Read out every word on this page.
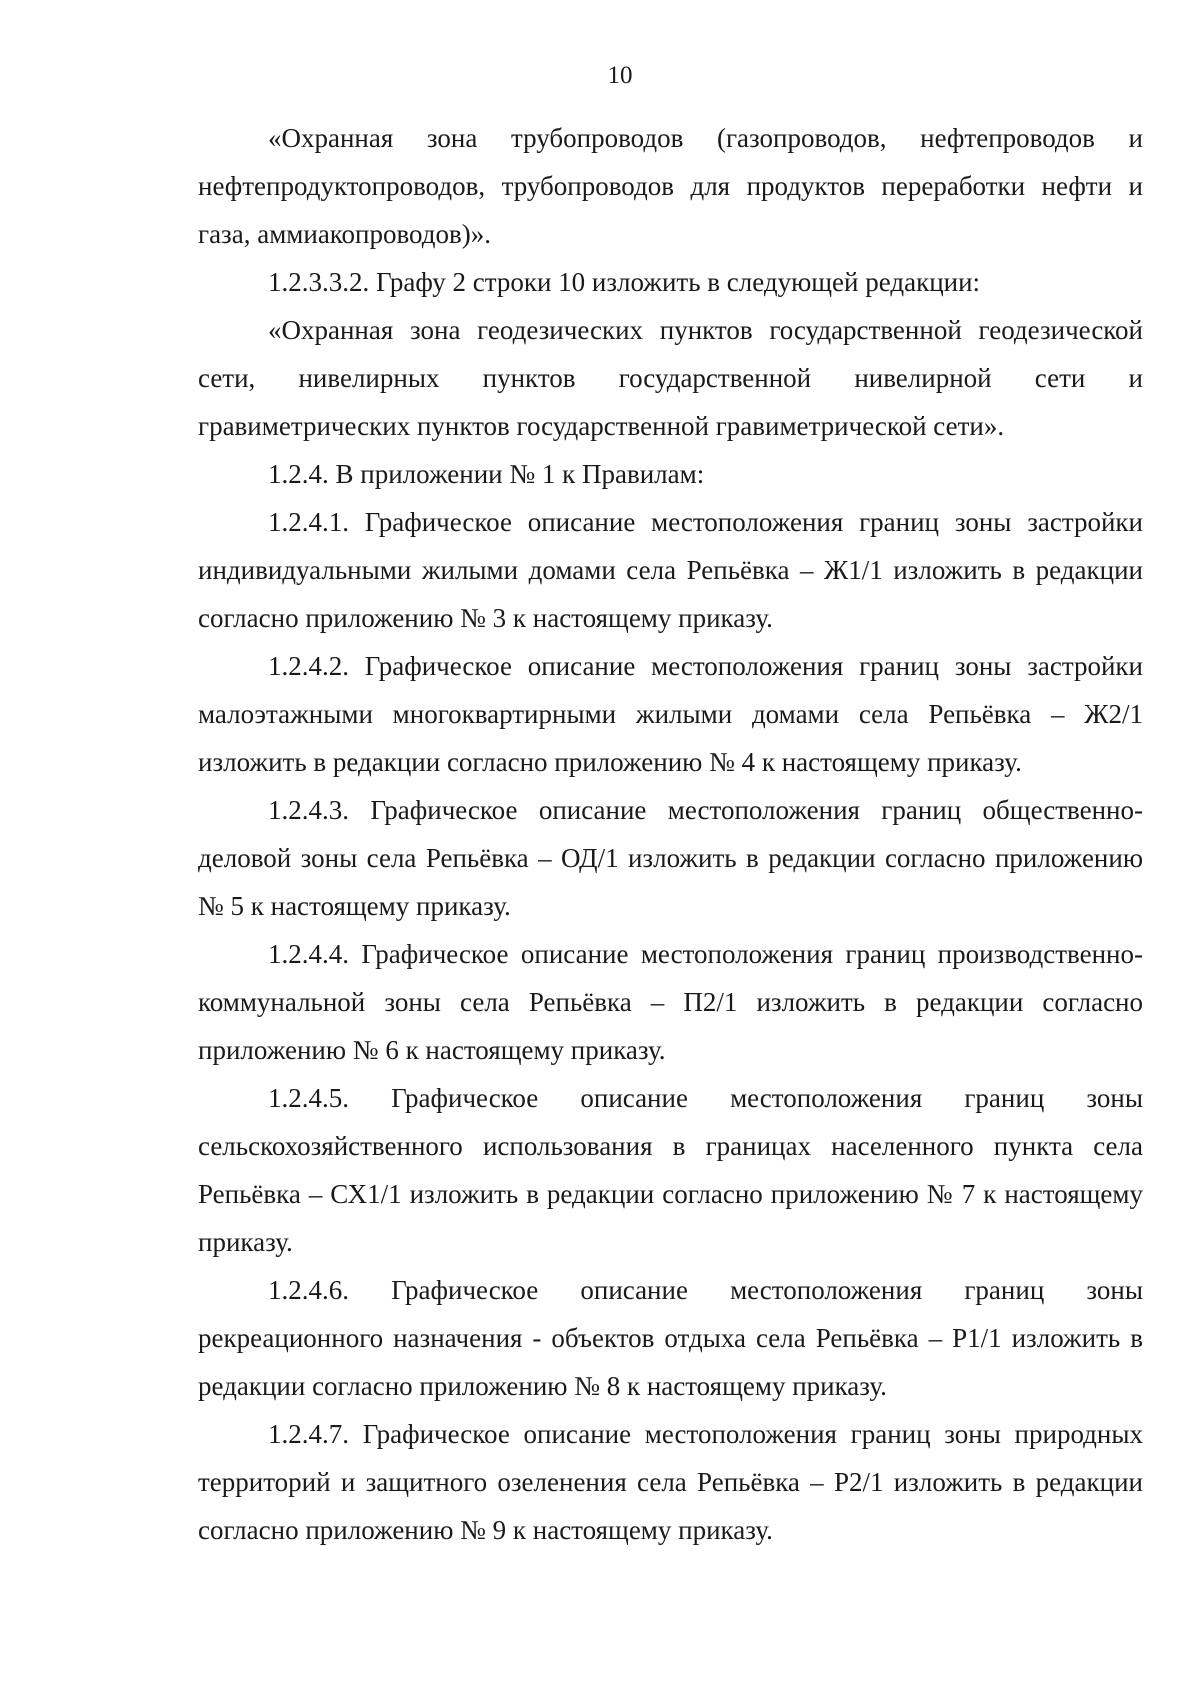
10

«Охранная зона трубопроводов (газопроводов, нефтепроводов и нефтепродуктопроводов, трубопроводов для продуктов переработки нефти и газа, аммиакопроводов)».

1.2.3.3.2. Графу 2 строки 10 изложить в следующей редакции:

«Охранная зона геодезических пунктов государственной геодезической сети, нивелирных пунктов государственной нивелирной сети и гравиметрических пунктов государственной гравиметрической сети».

1.2.4. В приложении № 1 к Правилам:

1.2.4.1. Графическое описание местоположения границ зоны застройки индивидуальными жилыми домами села Репьёвка – Ж1/1 изложить в редакции согласно приложению № 3 к настоящему приказу.

1.2.4.2. Графическое описание местоположения границ зоны застройки малоэтажными многоквартирными жилыми домами села Репьёвка – Ж2/1 изложить в редакции согласно приложению № 4 к настоящему приказу.

1.2.4.3. Графическое описание местоположения границ общественно-деловой зоны села Репьёвка – ОД/1 изложить в редакции согласно приложению № 5 к настоящему приказу.

1.2.4.4. Графическое описание местоположения границ производственно-коммунальной зоны села Репьёвка – П2/1 изложить в редакции согласно приложению № 6 к настоящему приказу.

1.2.4.5. Графическое описание местоположения границ зоны сельскохозяйственного использования в границах населенного пункта села Репьёвка – СХ1/1 изложить в редакции согласно приложению № 7 к настоящему приказу.

1.2.4.6. Графическое описание местоположения границ зоны рекреационного назначения - объектов отдыха села Репьёвка – Р1/1 изложить в редакции согласно приложению № 8 к настоящему приказу.

1.2.4.7. Графическое описание местоположения границ зоны природных территорий и защитного озеленения села Репьёвка – Р2/1 изложить в редакции согласно приложению № 9 к настоящему приказу.
